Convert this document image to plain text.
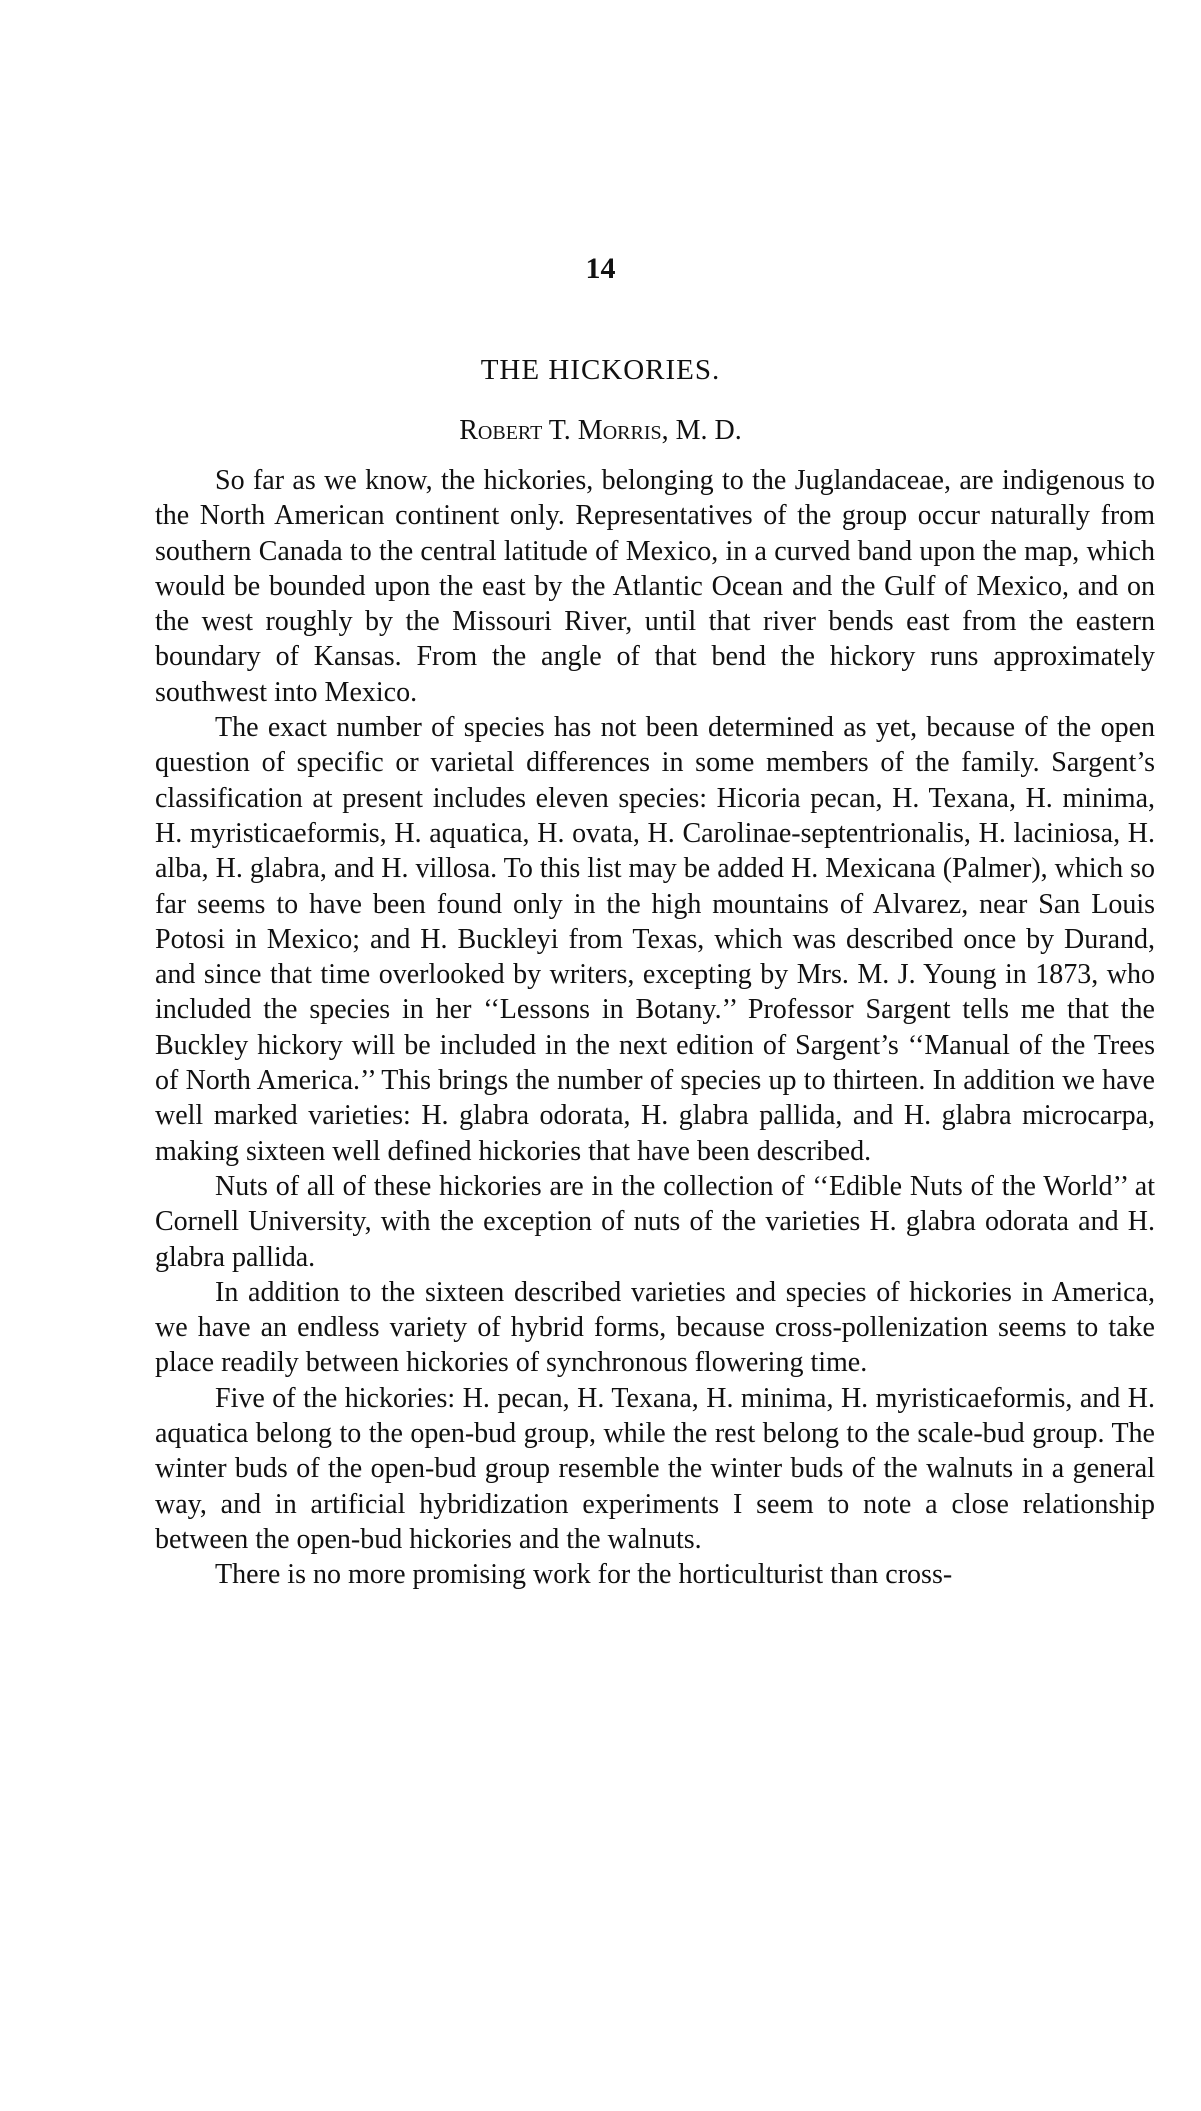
14
THE HICKORIES.
Robert T. Morris, M. D.

So far as we know, the hickories, belonging to the Juglandaceae, are indigenous to the North American continent only. Representatives of the group occur naturally from southern Canada to the central latitude of Mexico, in a curved band upon the map, which would be bounded upon the east by the Atlantic Ocean and the Gulf of Mexico, and on the west roughly by the Missouri River, until that river bends east from the eastern boundary of Kansas. From the angle of that bend the hickory runs approximately southwest into Mexico.

The exact number of species has not been determined as yet, because of the open question of specific or varietal differences in some members of the family. Sargent’s classification at present includes eleven species: Hicoria pecan, H. Texana, H. minima, H. myristicaeformis, H. aquatica, H. ovata, H. Carolinae-septentrionalis, H. laciniosa, H. alba, H. glabra, and H. villosa. To this list may be added H. Mexicana (Palmer), which so far seems to have been found only in the high mountains of Alvarez, near San Louis Potosi in Mexico; and H. Buckleyi from Texas, which was described once by Durand, and since that time overlooked by writers, excepting by Mrs. M. J. Young in 1873, who included the species in her ‘‘Lessons in Botany.’’ Professor Sargent tells me that the Buckley hickory will be included in the next edition of Sargent’s ‘‘Manual of the Trees of North America.’’ This brings the number of species up to thirteen. In addition we have well marked varieties: H. glabra odorata, H. glabra pallida, and H. glabra microcarpa, making sixteen well defined hickories that have been described.

Nuts of all of these hickories are in the collection of ‘‘Edible Nuts of the World’’ at Cornell University, with the exception of nuts of the varieties H. glabra odorata and H. glabra pallida.

In addition to the sixteen described varieties and species of hickories in America, we have an endless variety of hybrid forms, because cross-pollenization seems to take place readily between hickories of synchronous flowering time.

Five of the hickories: H. pecan, H. Texana, H. minima, H. myristicaeformis, and H. aquatica belong to the open-bud group, while the rest belong to the scale-bud group. The winter buds of the open-bud group resemble the winter buds of the walnuts in a general way, and in artificial hybridization experiments I seem to note a close relationship between the open-bud hickories and the walnuts.

There is no more promising work for the horticulturist than cross-
